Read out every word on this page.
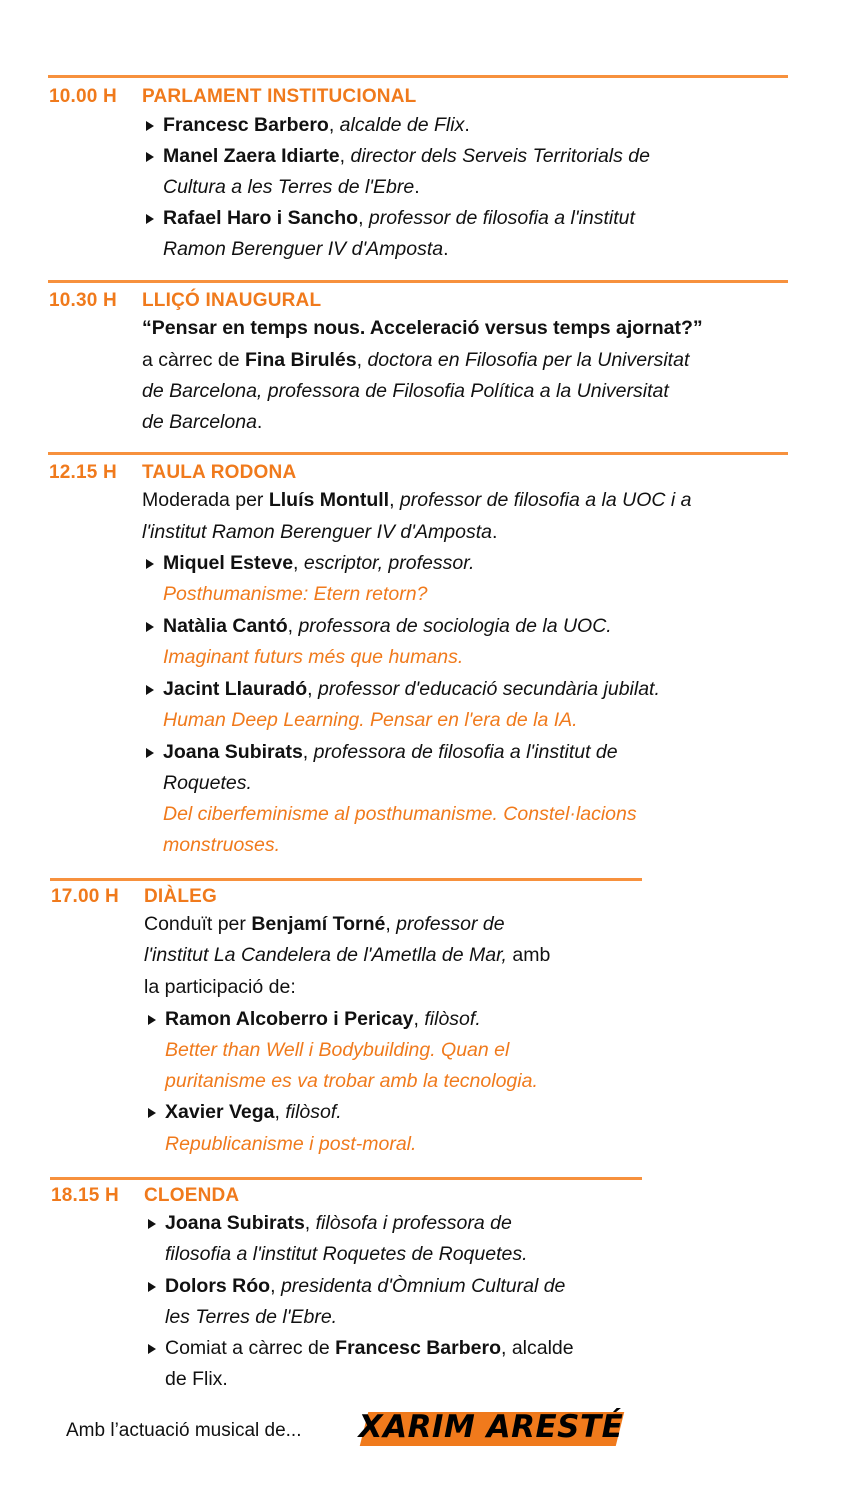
10.00 H PARLAMENT INSTITUCIONAL
Francesc Barbero, alcalde de Flix.
Manel Zaera Idiarte, director dels Serveis Territorials de
Cultura a les Terres de l'Ebre.
Rafael Haro i Sancho, professor de filosofia a l'institut
Ramon Berenguer IV d'Amposta.
10.30 H LLIÇÓ INAUGURAL
“Pensar en temps nous. Acceleració versus temps ajornat?”
a càrrec de Fina Birulés, doctora en Filosofia per la Universitat
de Barcelona, professora de Filosofia Política a la Universitat
de Barcelona.
12.15 H TAULA RODONA
Moderada per Lluís Montull, professor de filosofia a la UOC i a
l'institut Ramon Berenguer IV d'Amposta.
Miquel Esteve, escriptor, professor.
Posthumanisme: Etern retorn?
Natàlia Cantó, professora de sociologia de la UOC.
Imaginant futurs més que humans.
Jacint Llauradó, professor d'educació secundària jubilat.
Human Deep Learning. Pensar en l'era de la IA.
Joana Subirats, professora de filosofia a l'institut de
Roquetes.
Del ciberfeminisme al posthumanisme. Constel·lacions
monstruoses.
17.00 H DIÀLEG
Conduït per Benjamí Torné, professor de
l'institut La Candelera de l'Ametlla de Mar, amb
la participació de:
Ramon Alcoberro i Pericay, filòsof.
Better than Well i Bodybuilding. Quan el
puritanisme es va trobar amb la tecnologia.
Xavier Vega, filòsof.
Republicanisme i post-moral.
18.15 H CLOENDA
Joana Subirats, filòsofa i professora de
filosofia a l'institut Roquetes de Roquetes.
Dolors Róo, presidenta d'Òmnium Cultural de
les Terres de l'Ebre.
Comiat a càrrec de Francesc Barbero, alcalde
de Flix.
Amb l’actuació musical de... XARIM ARESTÉ
